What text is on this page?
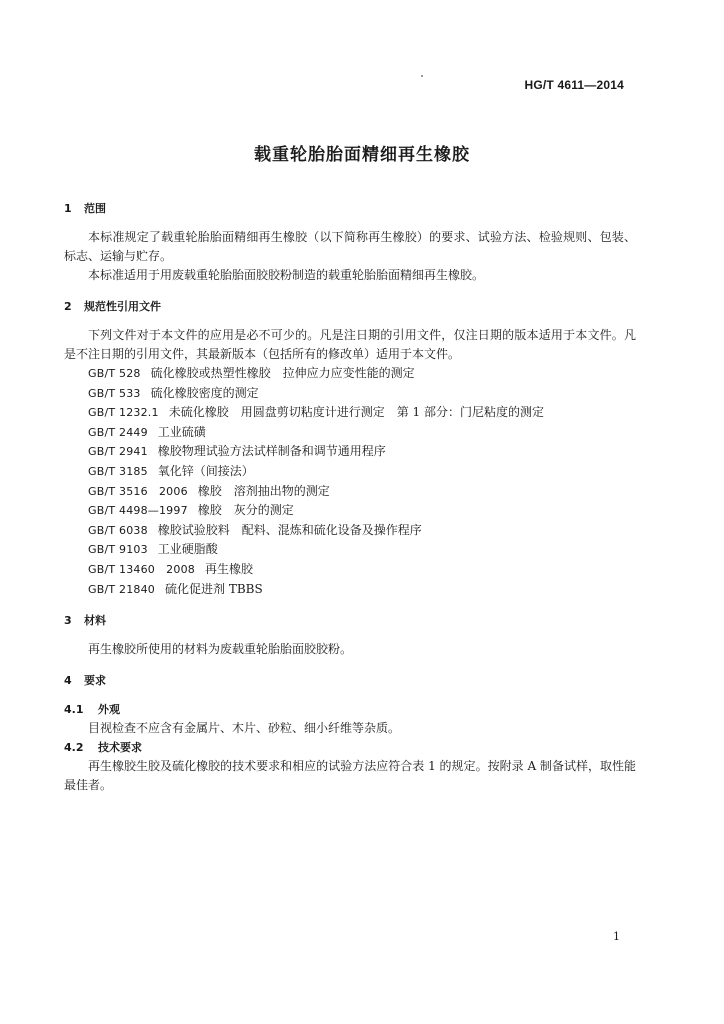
HG/T 4611—2014
载重轮胎胎面精细再生橡胶
1 范围

本标准规定了载重轮胎胎面精细再生橡胶（以下简称再生橡胶）的要求、试验方法、检验规则、包装、标志、运输与贮存。

本标准适用于用废载重轮胎胎面胶胶粉制造的载重轮胎胎面精细再生橡胶。

2 规范性引用文件

下列文件对于本文件的应用是必不可少的。凡是注日期的引用文件，仅注日期的版本适用于本文件。凡是不注日期的引用文件，其最新版本（包括所有的修改单）适用于本文件。

GB/T 528 硫化橡胶或热塑性橡胶　拉伸应力应变性能的测定
GB/T 533 硫化橡胶密度的测定
GB/T 1232.1 未硫化橡胶　用圆盘剪切粘度计进行测定　第 1 部分：门尼粘度的测定
GB/T 2449 工业硫磺
GB/T 2941 橡胶物理试验方法试样制备和调节通用程序
GB/T 3185 氧化锌（间接法）
GB/T 3516　2006 橡胶　溶剂抽出物的测定
GB/T 4498—1997 橡胶　灰分的测定
GB/T 6038 橡胶试验胶料　配料、混炼和硫化设备及操作程序
GB/T 9103 工业硬脂酸
GB/T 13460　2008 再生橡胶
GB/T 21840 硫化促进剂 TBBS
3 材料

再生橡胶所使用的材料为废载重轮胎胎面胶胶粉。

4 要求
4.1 外观

目视检查不应含有金属片、木片、砂粒、细小纤维等杂质。

4.2 技术要求

再生橡胶生胶及硫化橡胶的技术要求和相应的试验方法应符合表 1 的规定。按附录 A 制备试样，取性能最佳者。

1
